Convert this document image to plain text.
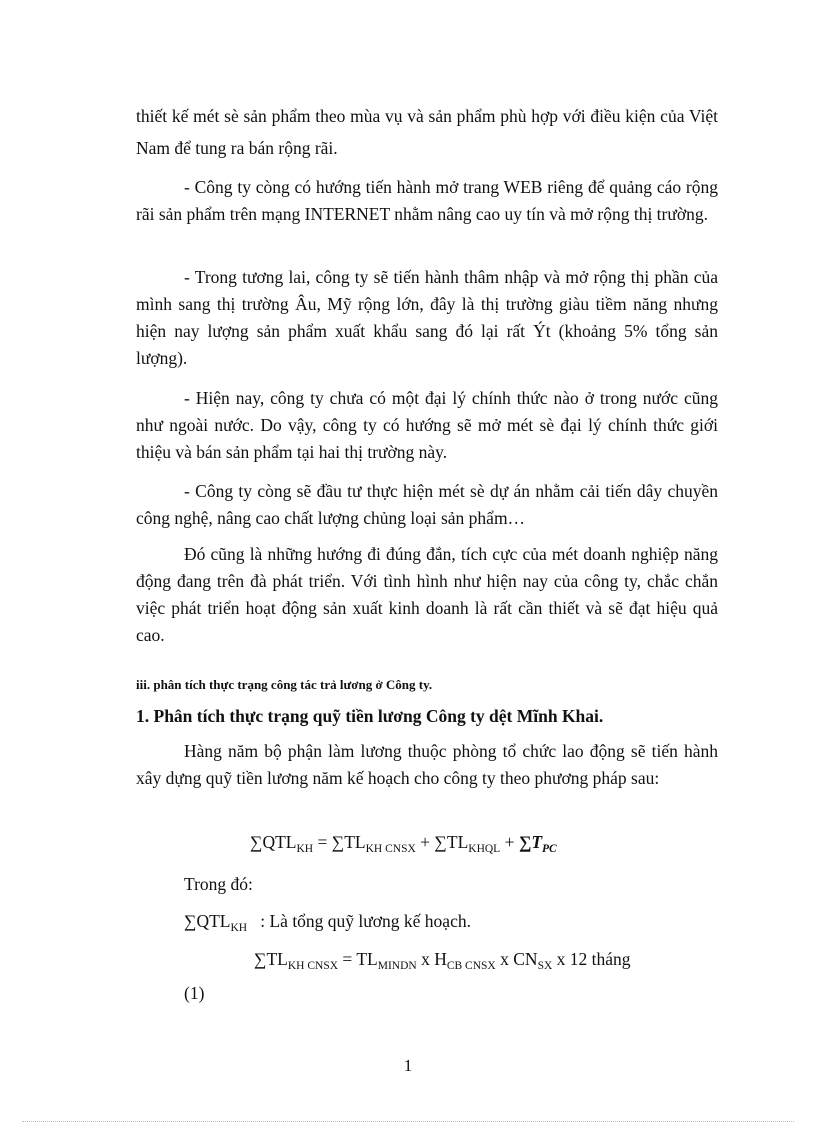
thiết kế mét sè sản phẩm theo mùa vụ và sản phẩm phù hợp với điều kiện của Việt Nam để tung ra bán rộng rãi.

- Công ty còng có hướng tiến hành mở trang WEB riêng để quảng cáo rộng rãi sản phẩm trên mạng INTERNET nhằm nâng cao uy tín và mở rộng thị trường.

- Trong tương lai, công ty sẽ tiến hành thâm nhập và mở rộng thị phần của mình sang thị trường Âu, Mỹ rộng lớn, đây là thị trường giàu tiềm năng nhưng hiện nay lượng sản phẩm xuất khẩu sang đó lại rất Ýt (khoảng 5% tổng sản lượng).

- Hiện nay, công ty chưa có một đại lý chính thức nào ở trong nước cũng như ngoài nước. Do vậy, công ty có hướng sẽ mở mét sè đại lý chính thức giới thiệu và bán sản phẩm tại hai thị trường này.

- Công ty còng sẽ đầu tư thực hiện mét sè dự án nhằm cải tiến dây chuyền công nghệ, nâng cao chất lượng chủng loại sản phẩm…

Đó cũng là những hướng đi đúng đắn, tích cực của mét doanh nghiệp năng động đang trên đà phát triển. Với tình hình như hiện nay của công ty, chắc chắn việc phát triển hoạt động sản xuất kinh doanh là rất cần thiết và sẽ đạt hiệu quả cao.

iii. phân tích thực trạng công tác trả lương ở Công ty.
1. Phân tích thực trạng quỹ tiền lương Công ty dệt Mĩnh Khai.

Hàng năm bộ phận làm lương thuộc phòng tổ chức lao động sẽ tiến hành xây dựng quỹ tiền lương năm kế hoạch cho công ty theo phương pháp sau:

$\sum QTL_{KH} = \sum TL_{KH CNSX} + \sum TL_{KHQL} + \sum T_{PC}$

Trong đó:

$\sum QTL_{KH}$   : Là tổng quỹ lương kế hoạch.
$\sum TL_{KH CNSX} = TL_{MINDN}$ x $H_{CB CNSX}$ x $CN_{SX}$ x 12 tháng

(1)

1
